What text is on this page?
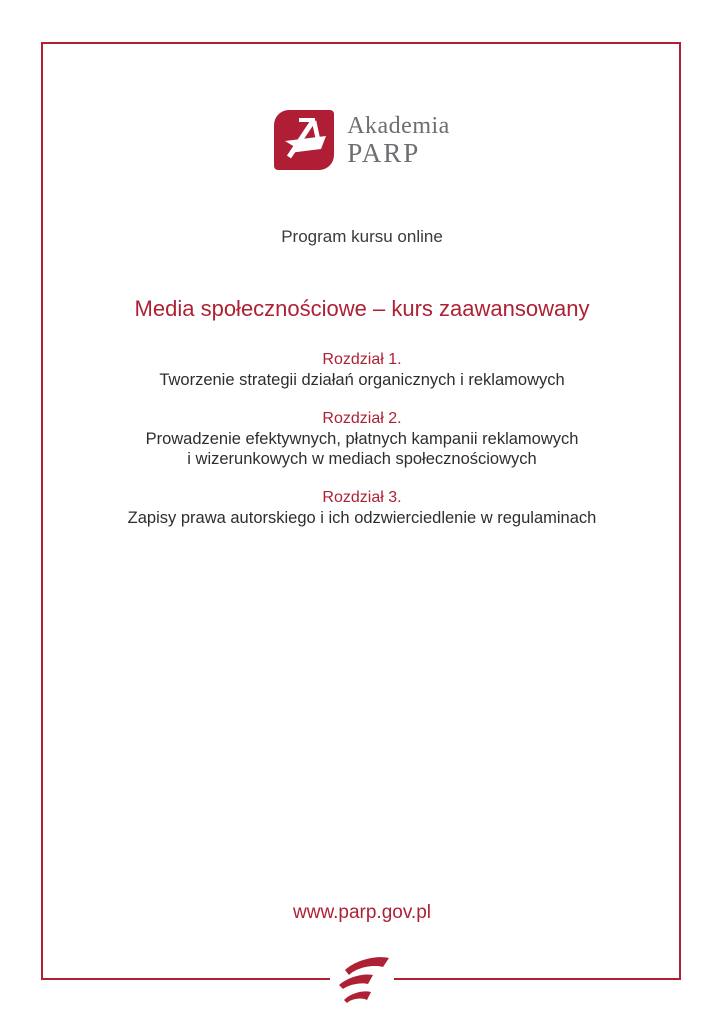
Akademia
PARP
Program kursu online
Media społecznościowe – kurs zaawansowany
Rozdział 1.
Tworzenie strategii działań organicznych i reklamowych
Rozdział 2.
Prowadzenie efektywnych, płatnych kampanii reklamowych
i wizerunkowych w mediach społecznościowych
Rozdział 3.
Zapisy prawa autorskiego i ich odzwierciedlenie w regulaminach
www.parp.gov.pl
